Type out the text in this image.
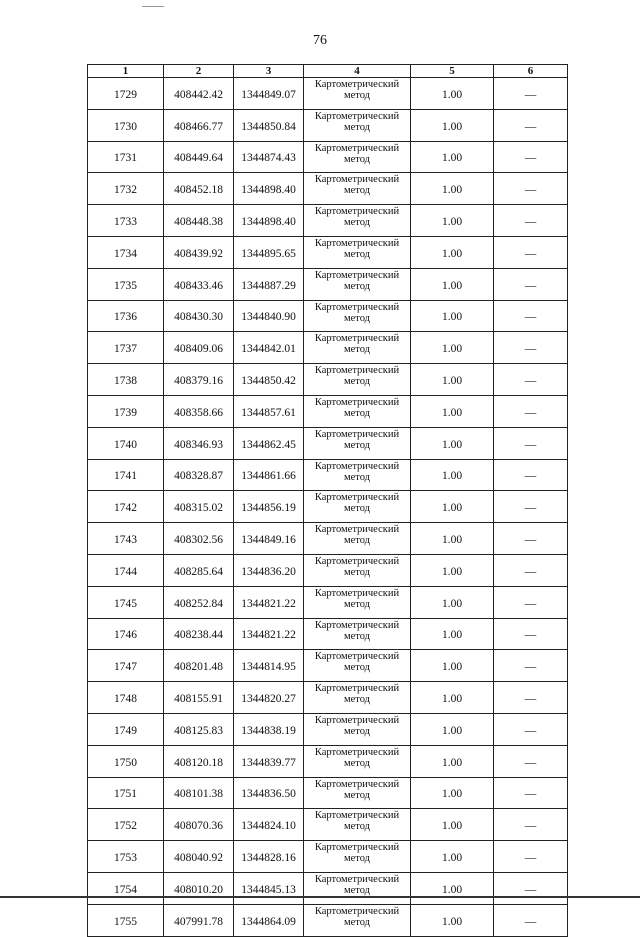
76
1	2	3	4	5	6
1729	408442.42	1344849.07	Картометрический метод	1.00	—
1730	408466.77	1344850.84	Картометрический метод	1.00	—
1731	408449.64	1344874.43	Картометрический метод	1.00	—
1732	408452.18	1344898.40	Картометрический метод	1.00	—
1733	408448.38	1344898.40	Картометрический метод	1.00	—
1734	408439.92	1344895.65	Картометрический метод	1.00	—
1735	408433.46	1344887.29	Картометрический метод	1.00	—
1736	408430.30	1344840.90	Картометрический метод	1.00	—
1737	408409.06	1344842.01	Картометрический метод	1.00	—
1738	408379.16	1344850.42	Картометрический метод	1.00	—
1739	408358.66	1344857.61	Картометрический метод	1.00	—
1740	408346.93	1344862.45	Картометрический метод	1.00	—
1741	408328.87	1344861.66	Картометрический метод	1.00	—
1742	408315.02	1344856.19	Картометрический метод	1.00	—
1743	408302.56	1344849.16	Картометрический метод	1.00	—
1744	408285.64	1344836.20	Картометрический метод	1.00	—
1745	408252.84	1344821.22	Картометрический метод	1.00	—
1746	408238.44	1344821.22	Картометрический метод	1.00	—
1747	408201.48	1344814.95	Картометрический метод	1.00	—
1748	408155.91	1344820.27	Картометрический метод	1.00	—
1749	408125.83	1344838.19	Картометрический метод	1.00	—
1750	408120.18	1344839.77	Картометрический метод	1.00	—
1751	408101.38	1344836.50	Картометрический метод	1.00	—
1752	408070.36	1344824.10	Картометрический метод	1.00	—
1753	408040.92	1344828.16	Картометрический метод	1.00	—
1754	408010.20	1344845.13	Картометрический метод	1.00	—
1755	407991.78	1344864.09	Картометрический метод	1.00	—
